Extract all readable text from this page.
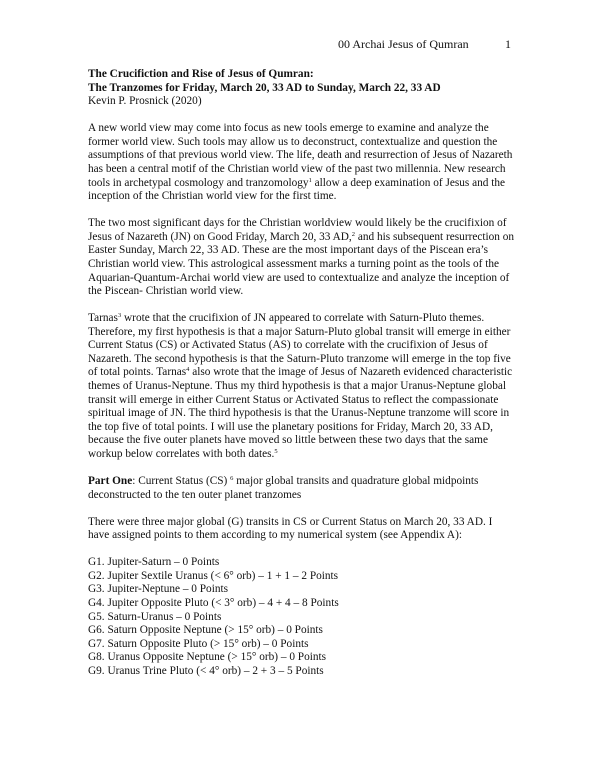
00 Archai Jesus of Qumran	1

The Crucifiction and Rise of Jesus of Qumran:

The Tranzomes for Friday, March 20, 33 AD to Sunday, March 22, 33 AD

Kevin P. Prosnick (2020)

A new world view may come into focus as new tools emerge to examine and analyze the former world view. Such tools may allow us to deconstruct, contextualize and question the assumptions of that previous world view. The life, death and resurrection of Jesus of Nazareth has been a central motif of the Christian world view of the past two millennia. New research tools in archetypal cosmology and tranzomology$^1$ allow a deep examination of Jesus and the inception of the Christian world view for the first time.

The two most significant days for the Christian worldview would likely be the crucifixion of Jesus of Nazareth (JN) on Good Friday, March 20, 33 AD,$^2$ and his subsequent resurrection on Easter Sunday, March 22, 33 AD. These are the most important days of the Piscean era’s Christian world view. This astrological assessment marks a turning point as the tools of the Aquarian-Quantum-Archai world view are used to contextualize and analyze the inception of the Piscean- Christian world view.

Tarnas$^3$ wrote that the crucifixion of JN appeared to correlate with Saturn-Pluto themes. Therefore, my first hypothesis is that a major Saturn-Pluto global transit will emerge in either Current Status (CS) or Activated Status (AS) to correlate with the crucifixion of Jesus of Nazareth. The second hypothesis is that the Saturn-Pluto tranzome will emerge in the top five of total points. Tarnas$^4$ also wrote that the image of Jesus of Nazareth evidenced characteristic themes of Uranus-Neptune. Thus my third hypothesis is that a major Uranus-Neptune global transit will emerge in either Current Status or Activated Status to reflect the compassionate spiritual image of JN. The third hypothesis is that the Uranus-Neptune tranzome will score in the top five of total points. I will use the planetary positions for Friday, March 20, 33 AD, because the five outer planets have moved so little between these two days that the same workup below correlates with both dates.$^5$

Part One: Current Status (CS) $^6$ major global transits and quadrature global midpoints deconstructed to the ten outer planet tranzomes

There were three major global (G) transits in CS or Current Status on March 20, 33 AD. I have assigned points to them according to my numerical system (see Appendix A):

G1. Jupiter-Saturn – 0 Points

G2. Jupiter Sextile Uranus (< 6° orb) – 1 + 1 – 2 Points

G3. Jupiter-Neptune – 0 Points

G4. Jupiter Opposite Pluto (< 3° orb) – 4 + 4 – 8 Points

G5. Saturn-Uranus – 0 Points

G6. Saturn Opposite Neptune (> 15° orb) – 0 Points

G7. Saturn Opposite Pluto (> 15° orb) – 0 Points

G8. Uranus Opposite Neptune (> 15° orb) – 0 Points

G9. Uranus Trine Pluto (< 4° orb) – 2 + 3 – 5 Points
